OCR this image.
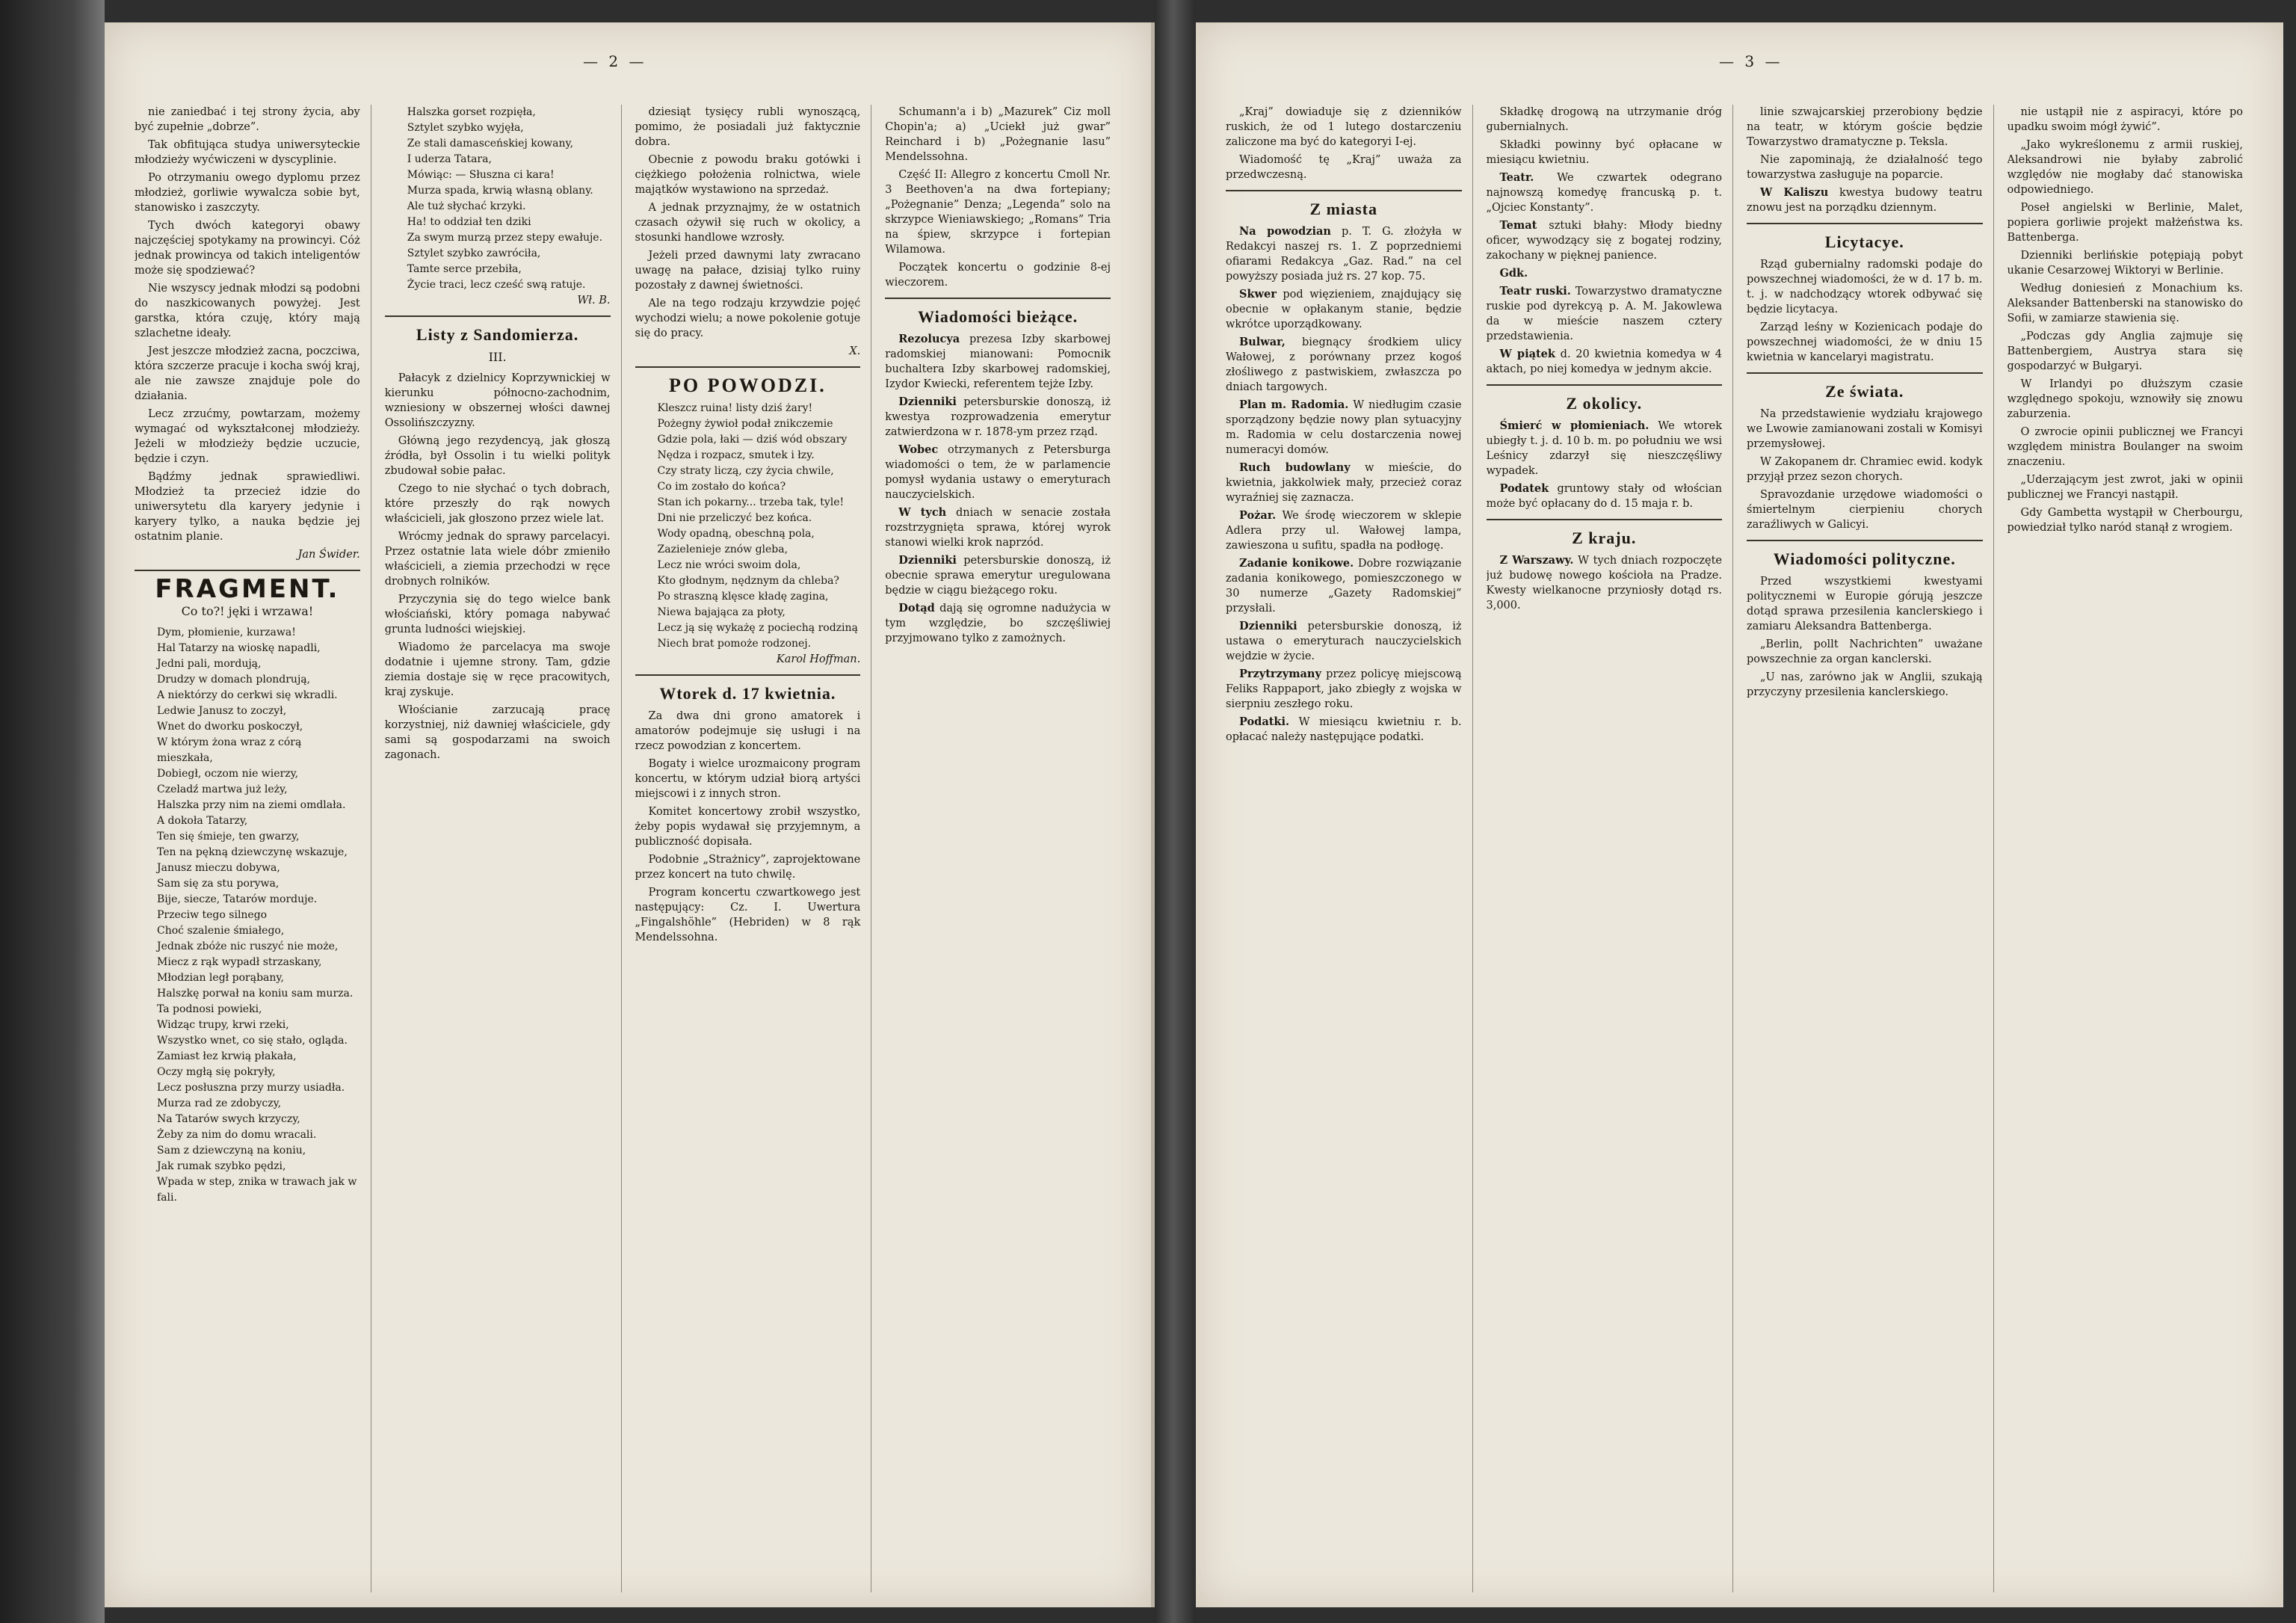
— 2 —

nie zaniedbać i tej strony życia, aby być zupełnie „dobrze”.

Tak obfitująca studya uniwersyteckie młodzieży wyćwiczeni w dyscyplinie.

Po otrzymaniu owego dyplomu przez młodzież, gorliwie wywalcza sobie byt, stanowisko i zaszczyty.

Tych dwóch kategoryi obawy najczęściej spotykamy na prowincyi. Cóż jednak prowincya od takich inteligentów może się spodziewać?

Nie wszyscy jednak młodzi są podobni do naszkicowanych powyżej. Jest garstka, która czuję, który mają szlachetne ideały.

Jest jeszcze młodzież zacna, poczciwa, która szczerze pracuje i kocha swój kraj, ale nie zawsze znajduje pole do działania.

Lecz zrzućmy, powtarzam, możemy wymagać od wykształconej młodzieży. Jeżeli w młodzieży będzie uczucie, będzie i czyn.

Bądźmy jednak sprawiedliwi. Młodzież ta przecież idzie do uniwersytetu dla karyery jedynie i karyery tylko, a nauka będzie jej ostatnim planie.

Jan Świder.
FRAGMENT.
Co to?! jęki i wrzawa!
Dym, płomienie, kurzawa!
Hal Tatarzy na wioskę napadli,
Jedni pali, mordują,
Drudzy w domach plondrują,
A niektórzy do cerkwi się wkradli.
Ledwie Janusz to zoczył,
Wnet do dworku poskoczył,
W którym żona wraz z córą mieszkała,
Dobiegł, oczom nie wierzy,
Czeladź martwa już leży,
Halszka przy nim na ziemi omdlała.
A dokoła Tatarzy,
Ten się śmieje, ten gwarzy,
Ten na pękną dziewczynę wskazuje,
Janusz mieczu dobywa,
Sam się za stu porywa,
Bije, siecze, Tatarów morduje.
Przeciw tego silnego
Choć szalenie śmiałego,
Jednak zbóże nic ruszyć nie może,
Miecz z rąk wypadł strzaskany,
Młodzian legł porąbany,
Halszkę porwał na koniu sam murza.
Ta podnosi powieki,
Widząc trupy, krwi rzeki,
Wszystko wnet, co się stało, ogląda.
Zamiast łez krwią płakała,
Oczy mgłą się pokryły,
Lecz posłuszna przy murzy usiadła.
Murza rad ze zdobyczy,
Na Tatarów swych krzyczy,
Żeby za nim do domu wracali.
Sam z dziewczyną na koniu,
Jak rumak szybko pędzi,
Wpada w step, znika w trawach jak w fali.
Halszka gorset rozpięła,
Sztylet szybko wyjęła,
Ze stali damasceńskiej kowany,
I uderza Tatara,
Mówiąc: — Słuszna ci kara!
Murza spada, krwią własną oblany.
Ale tuż słychać krzyki.
Ha! to oddział ten dziki
Za swym murzą przez stepy ewałuje.
Sztylet szybko zawróciła,
Tamte serce przebiła,
Życie traci, lecz cześć swą ratuje.
Wł. B.
Listy z Sandomierza.
III.

Pałacyk z dzielnicy Koprzywnickiej w kierunku północno-zachodnim, wzniesiony w obszernej włości dawnej Ossolińszczyzny.

Główną jego rezydencyą, jak głoszą źródła, był Ossolin i tu wielki polityk zbudował sobie pałac.

Czego to nie słychać o tych dobrach, które przeszły do rąk nowych właścicieli, jak głoszono przez wiele lat.

Wrócmy jednak do sprawy parcelacyi. Przez ostatnie lata wiele dóbr zmieniło właścicieli, a ziemia przechodzi w ręce drobnych rolników.

Przyczynia się do tego wielce bank włościański, który pomaga nabywać grunta ludności wiejskiej.

Wiadomo że parcelacya ma swoje dodatnie i ujemne strony. Tam, gdzie ziemia dostaje się w ręce pracowitych, kraj zyskuje.

Włościanie zarzucają pracę korzystniej, niż dawniej właściciele, gdy sami są gospodarzami na swoich zagonach.

dziesiąt tysięcy rubli wynoszącą, pomimo, że posiadali już faktycznie dobra.

Obecnie z powodu braku gotówki i ciężkiego położenia rolnictwa, wiele majątków wystawiono na sprzedaż.

A jednak przyznajmy, że w ostatnich czasach ożywił się ruch w okolicy, a stosunki handlowe wzrosły.

Jeżeli przed dawnymi laty zwracano uwagę na pałace, dzisiaj tylko ruiny pozostały z dawnej świetności.

Ale na tego rodzaju krzywdzie pojęć wychodzi wielu; a nowe pokolenie gotuje się do pracy.

X.
PO POWODZI.
Kleszcz ruina! listy dziś żary!
Pożegny żywioł podał znikczemie
Gdzie pola, łaki — dziś wód obszary
Nędza i rozpacz, smutek i łzy.
Czy straty liczą, czy życia chwile,
Co im zostało do końca?
Stan ich pokarny... trzeba tak, tyle!
Dni nie przeliczyć bez końca.
Wody opadną, obeschną pola,
Zazielenieje znów gleba,
Lecz nie wróci swoim dola,
Kto głodnym, nędznym da chleba?
Po straszną klęsce kładę zagina,
Niewa bajająca za płoty,
Lecz ją się wykażę z pociechą rodziną
Niech brat pomoże rodzonej.
Karol Hoffman.
Wtorek d. 17 kwietnia.

Za dwa dni grono amatorek i amatorów podejmuje się usługi i na rzecz powodzian z koncertem.

Bogaty i wielce urozmaicony program koncertu, w którym udział biorą artyści miejscowi i z innych stron.

Komitet koncertowy zrobił wszystko, żeby popis wydawał się przyjemnym, a publiczność dopisała.

Podobnie „Strażnicy”, zaprojektowane przez koncert na tuto chwilę.

Program koncertu czwartkowego jest następujący: Cz. I. Uwertura „Fingalshöhle” (Hebriden) w 8 rąk Mendelssohna.

Schumann'a i b) „Mazurek” Ciz moll Chopin'a; a) „Uciekł już gwar” Reinchard i b) „Pożegnanie lasu” Mendelssohna.

Część II: Allegro z koncertu Cmoll Nr. 3 Beethoven'a na dwa fortepiany; „Pożegnanie” Denza; „Legenda” solo na skrzypce Wieniawskiego; „Romans” Tria na śpiew, skrzypce i fortepian Wilamowa.

Początek koncertu o godzinie 8-ej wieczorem.

Wiadomości bieżące.

Rezolucya prezesa Izby skarbowej radomskiej mianowani: Pomocnik buchaltera Izby skarbowej radomskiej, Izydor Kwiecki, referentem tejże Izby.

Dzienniki petersburskie donoszą, iż kwestya rozprowadzenia emerytur zatwierdzona w r. 1878-ym przez rząd.

Wobec otrzymanych z Petersburga wiadomości o tem, że w parlamencie pomysł wydania ustawy o emeryturach nauczycielskich.

W tych dniach w senacie została rozstrzygnięta sprawa, której wyrok stanowi wielki krok naprzód.

Dzienniki petersburskie donoszą, iż obecnie sprawa emerytur uregulowana będzie w ciągu bieżącego roku.

Dotąd dają się ogromne nadużycia w tym względzie, bo szczęśliwiej przyjmowano tylko z zamożnych.

— 3 —

„Kraj” dowiaduje się z dzienników ruskich, że od 1 lutego dostarczeniu zaliczone ma być do kategoryi I-ej.

Wiadomość tę „Kraj” uważa za przedwczesną.

Z miasta

Na powodzian p. T. G. złożyła w Redakcyi naszej rs. 1. Z poprzedniemi ofiarami Redakcya „Gaz. Rad.” na cel powyższy posiada już rs. 27 kop. 75.

Skwer pod więzieniem, znajdujący się obecnie w opłakanym stanie, będzie wkrótce uporządkowany.

Bulwar, biegnący środkiem ulicy Wałowej, z porównany przez kogoś złośliwego z pastwiskiem, zwłaszcza po dniach targowych.

Plan m. Radomia. W niedługim czasie sporządzony będzie nowy plan sytuacyjny m. Radomia w celu dostarczenia nowej numeracyi domów.

Ruch budowlany w mieście, do kwietnia, jakkolwiek mały, przecież coraz wyraźniej się zaznacza.

Pożar. We środę wieczorem w sklepie Adlera przy ul. Wałowej lampa, zawieszona u sufitu, spadła na podłogę.

Zadanie konikowe. Dobre rozwiązanie zadania konikowego, pomieszczonego w 30 numerze „Gazety Radomskiej” przysłali.

Dzienniki petersburskie donoszą, iż ustawa o emeryturach nauczycielskich wejdzie w życie.

Przytrzymany przez policyę miejscową Feliks Rappaport, jako zbiegły z wojska w sierpniu zeszłego roku.

Podatki. W miesiącu kwietniu r. b. opłacać należy następujące podatki.

Składkę drogową na utrzymanie dróg gubernialnych.

Składki powinny być opłacane w miesiącu kwietniu.

Teatr. We czwartek odegrano najnowszą komedyę francuską p. t. „Ojciec Konstanty”.

Temat sztuki błahy: Młody biedny oficer, wywodzący się z bogatej rodziny, zakochany w pięknej panience.

Gdk.

Teatr ruski. Towarzystwo dramatyczne ruskie pod dyrekcyą p. A. M. Jakowlewa da w mieście naszem cztery przedstawienia.

W piątek d. 20 kwietnia komedya w 4 aktach, po niej komedya w jednym akcie.

Z okolicy.

Śmierć w płomieniach. We wtorek ubiegły t. j. d. 10 b. m. po południu we wsi Leśnicy zdarzył się nieszczęśliwy wypadek.

Podatek gruntowy stały od włościan może być opłacany do d. 15 maja r. b.

Z kraju.

Z Warszawy. W tych dniach rozpoczęte już budowę nowego kościoła na Pradze. Kwesty wielkanocne przyniosły dotąd rs. 3,000.

linie szwajcarskiej przerobiony będzie na teatr, w którym goście będzie Towarzystwo dramatyczne p. Teksla.

Nie zapominają, że działalność tego towarzystwa zasługuje na poparcie.

W Kaliszu kwestya budowy teatru znowu jest na porządku dziennym.

Licytacye.

Rząd gubernialny radomski podaje do powszechnej wiadomości, że w d. 17 b. m. t. j. w nadchodzący wtorek odbywać się będzie licytacya.

Zarząd leśny w Kozienicach podaje do powszechnej wiadomości, że w dniu 15 kwietnia w kancelaryi magistratu.

Ze świata.

Na przedstawienie wydziału krajowego we Lwowie zamianowani zostali w Komisyi przemysłowej.

W Zakopanem dr. Chramiec ewid. kodyk przyjął przez sezon chorych.

Spravozdanie urzędowe wiadomości o śmiertelnym cierpieniu chorych zaraźliwych w Galicyi.

Wiadomości polityczne.

Przed wszystkiemi kwestyami politycznemi w Europie górują jeszcze dotąd sprawa przesilenia kanclerskiego i zamiaru Aleksandra Battenberga.

„Berlin, pollt Nachrichten” uważane powszechnie za organ kanclerski.

„U nas, zarówno jak w Anglii, szukają przyczyny przesilenia kanclerskiego.

nie ustąpił nie z aspiracyi, które po upadku swoim mógł żywić”.

„Jako wykreślonemu z armii ruskiej, Aleksandrowi nie byłaby zabrolić względów nie mogłaby dać stanowiska odpowiedniego.

Poseł angielski w Berlinie, Malet, popiera gorliwie projekt małżeństwa ks. Battenberga.

Dzienniki berlińskie potępiają pobyt ukanie Cesarzowej Wiktoryi w Berlinie.

Według doniesień z Monachium ks. Aleksander Battenberski na stanowisko do Sofii, w zamiarze stawienia się.

„Podczas gdy Anglia zajmuje się Battenbergiem, Austrya stara się gospodarzyć w Bułgaryi.

W Irlandyi po dłuższym czasie względnego spokoju, wznowiły się znowu zaburzenia.

O zwrocie opinii publicznej we Francyi względem ministra Boulanger na swoim znaczeniu.

„Uderzającym jest zwrot, jaki w opinii publicznej we Francyi nastąpił.

Gdy Gambetta wystąpił w Cherbourgu, powiedział tylko naród stanął z wrogiem.
